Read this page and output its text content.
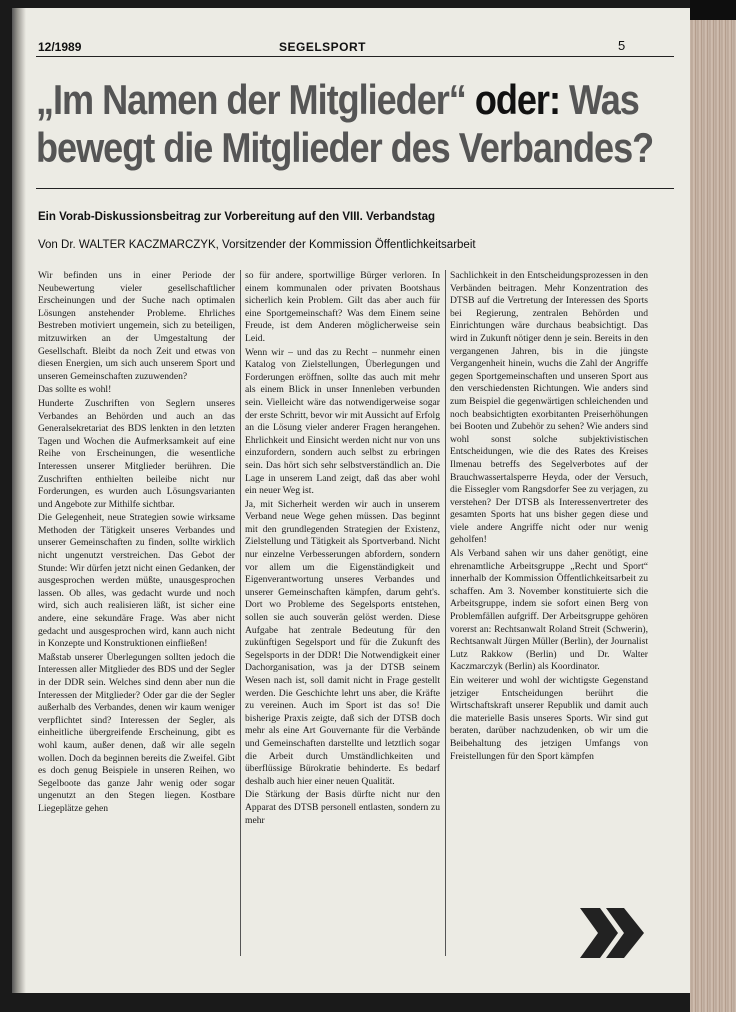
12/1989	SEGELSPORT	5
„Im Namen der Mitglieder“ oder: Was
bewegt die Mitglieder des Verbandes?
Ein Vorab-Diskussionsbeitrag zur Vorbereitung auf den VIII. Verbandstag
Von Dr. WALTER KACZMARCZYK, Vorsitzender der Kommission Öffentlichkeitsarbeit

Wir befinden uns in einer Periode der Neubewertung vieler gesellschaftlicher Erscheinungen und der Suche nach optimalen Lösungen anstehender Probleme. Ehrliches Bestreben motiviert ungemein, sich zu beteiligen, mitzuwirken an der Umgestaltung der Gesellschaft. Bleibt da noch Zeit und etwas von diesen Energien, um sich auch unserem Sport und unseren Gemeinschaften zuzuwenden?

Das sollte es wohl!

Hunderte Zuschriften von Seglern unseres Verbandes an Behörden und auch an das Generalsekretariat des BDS lenkten in den letzten Tagen und Wochen die Aufmerksamkeit auf eine Reihe von Erscheinungen, die wesentliche Interessen unserer Mitglieder berühren. Die Zuschriften enthielten beileibe nicht nur Forderungen, es wurden auch Lösungsvarianten und Angebote zur Mithilfe sichtbar.

Die Gelegenheit, neue Strategien sowie wirksame Methoden der Tätigkeit unseres Verbandes und unserer Gemeinschaften zu finden, sollte wirklich nicht ungenutzt verstreichen. Das Gebot der Stunde: Wir dürfen jetzt nicht einen Gedanken, der ausgesprochen werden müßte, unausgesprochen lassen. Ob alles, was gedacht wurde und noch wird, sich auch realisieren läßt, ist sicher eine andere, eine sekundäre Frage. Was aber nicht gedacht und ausgesprochen wird, kann auch nicht in Konzepte und Konstruktionen einfließen!

Maßstab unserer Überlegungen sollten jedoch die Interessen aller Mitglieder des BDS und der Segler in der DDR sein. Welches sind denn aber nun die Interessen der Mitglieder? Oder gar die der Segler außerhalb des Verbandes, denen wir kaum weniger verpflichtet sind? Interessen der Segler, als einheitliche übergreifende Erscheinung, gibt es wohl kaum, außer denen, daß wir alle segeln wollen. Doch da beginnen bereits die Zweifel. Gibt es doch genug Beispiele in unseren Reihen, wo Segelboote das ganze Jahr wenig oder sogar ungenutzt an den Stegen liegen. Kostbare Liegeplätze gehen

so für andere, sportwillige Bürger verloren. In einem kommunalen oder privaten Bootshaus sicherlich kein Problem. Gilt das aber auch für eine Sportgemeinschaft? Was dem Einem seine Freude, ist dem Anderen möglicherweise sein Leid.

Wenn wir – und das zu Recht – nunmehr einen Katalog von Zielstellungen, Überlegungen und Forderungen eröffnen, sollte das auch mit mehr als einem Blick in unser Innenleben verbunden sein. Vielleicht wäre das notwendigerweise sogar der erste Schritt, bevor wir mit Aussicht auf Erfolg an die Lösung vieler anderer Fragen herangehen. Ehrlichkeit und Einsicht werden nicht nur von uns einzufordern, sondern auch selbst zu erbringen sein. Das hört sich sehr selbstverständlich an. Die Lage in unserem Land zeigt, daß das aber wohl ein neuer Weg ist.

Ja, mit Sicherheit werden wir auch in unserem Verband neue Wege gehen müssen. Das beginnt mit den grundlegenden Strategien der Existenz, Zielstellung und Tätigkeit als Sportverband. Nicht nur einzelne Verbesserungen abfordern, sondern vor allem um die Eigenständigkeit und Eigenverantwortung unseres Verbandes und unserer Gemeinschaften kämpfen, darum geht's. Dort wo Probleme des Segelsports entstehen, sollen sie auch souverän gelöst werden. Diese Aufgabe hat zentrale Bedeutung für den zukünftigen Segelsport und für die Zukunft des Segelsports in der DDR! Die Notwendigkeit einer Dachorganisation, was ja der DTSB seinem Wesen nach ist, soll damit nicht in Frage gestellt werden. Die Geschichte lehrt uns aber, die Kräfte zu vereinen. Auch im Sport ist das so! Die bisherige Praxis zeigte, daß sich der DTSB doch mehr als eine Art Gouvernante für die Verbände und Gemeinschaften darstellte und letztlich sogar die Arbeit durch Umständlichkeiten und überflüssige Bürokratie behinderte. Es bedarf deshalb auch hier einer neuen Qualität.

Die Stärkung der Basis dürfte nicht nur den Apparat des DTSB personell entlasten, sondern zu mehr

Sachlichkeit in den Entscheidungsprozessen in den Verbänden beitragen. Mehr Konzentration des DTSB auf die Vertretung der Interessen des Sports bei Regierung, zentralen Behörden und Einrichtungen wäre durchaus beabsichtigt. Das wird in Zukunft nötiger denn je sein. Bereits in den vergangenen Jahren, bis in die jüngste Vergangenheit hinein, wuchs die Zahl der Angriffe gegen Sportgemeinschaften und unseren Sport aus den verschiedensten Richtungen. Wie anders sind zum Beispiel die gegenwärtigen schleichenden und noch beabsichtigten exorbitanten Preiserhöhungen bei Booten und Zubehör zu sehen? Wie anders sind wohl sonst solche subjektivistischen Entscheidungen, wie die des Rates des Kreises Ilmenau betreffs des Segelverbotes auf der Brauchwassertalsperre Heyda, oder der Versuch, die Eissegler vom Rangsdorfer See zu verjagen, zu verstehen? Der DTSB als Interessenvertreter des gesamten Sports hat uns bisher gegen diese und viele andere Angriffe nicht oder nur wenig geholfen!

Als Verband sahen wir uns daher genötigt, eine ehrenamtliche Arbeitsgruppe „Recht und Sport“ innerhalb der Kommission Öffentlichkeitsarbeit zu schaffen. Am 3. November konstituierte sich die Arbeitsgruppe, indem sie sofort einen Berg von Problemfällen aufgriff. Der Arbeitsgruppe gehören vorerst an: Rechtsanwalt Roland Streit (Schwerin), Rechtsanwalt Jürgen Müller (Berlin), der Journalist Lutz Rakkow (Berlin) und Dr. Walter Kaczmarczyk (Berlin) als Koordinator.

Ein weiterer und wohl der wichtigste Gegenstand jetziger Entscheidungen berührt die Wirtschaftskraft unserer Republik und damit auch die materielle Basis unseres Sports. Wir sind gut beraten, darüber nachzudenken, ob wir um die Beibehaltung des jetzigen Umfangs von Freistellungen für den Sport kämpfen
